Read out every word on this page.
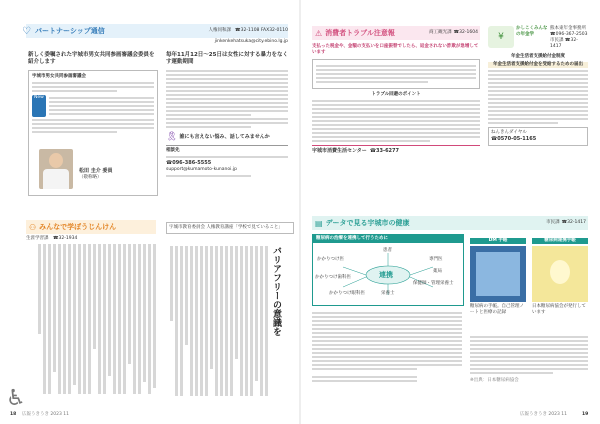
♡ パートナーシップ通信	人権同和課 ☎32-1108 FAX32-0110
jinkenkehatsuka@city.ebino.lg.jp
新しく委嘱された宇城市男女共同参画審議会委員を紹介します
宇城市男女共同参画審議会
New
松田 圭介 委員
（敬称略）
毎年11月12日～25日は女性に対する暴力をなくす運動期間
🎗 誰にも言えない悩み、話してみませんか
相談先
☎096-386-5555
support@kumamoto-kunanoi.jp
⚇ みんなで学ぼうじんけん
生涯学習課 ☎32-1934
宇城市教育委員会 人権教育講座「学校で見ていること」
バリアフリーの意識を
♿
18 広報うきうき 2023 11
⚠ 消費者トラブル注意報	商工観光課 ☎32-1604
支払った税金や、金額の支払いを口座振替でしたら、返金されない詐欺が急増しています
トラブル回避のポイント
宇城市消費生活センター ☎33-6277
¥
かしこくみんなの年金学
熊本東年金事務所
☎096-367-2503
市民課 ☎32-1417
年金生活者支援給付金制度
年金生活者支援給付金を受給するための届出
ねんきんダイヤル
☎0570-05-1165
▤ データで見る宇城市の健康	市民課 ☎32-1417
糖尿病の治療を連携して行うために
連携
患者
かかりつけ医	専門医
かかりつけ歯科医
薬局
保健師・管理栄養士
かかりつけ眼科医	栄養士
DM 手帳
糖尿病の手帳。自己管理ノートと医療の記録
糖尿病連携手帳
日本糖尿病協会が発行しています
※出典：日本糖尿病協会
広報うきうき 2023 11	19
